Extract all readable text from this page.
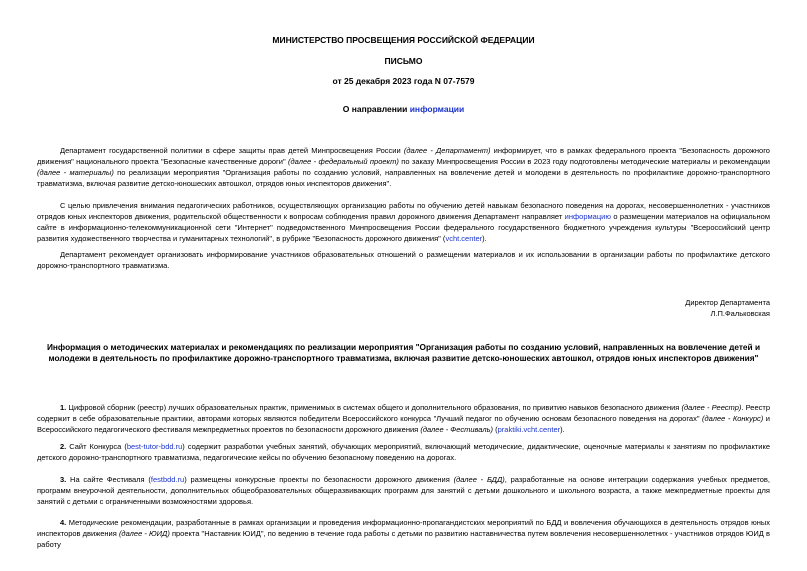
МИНИСТЕРСТВО ПРОСВЕЩЕНИЯ РОССИЙСКОЙ ФЕДЕРАЦИИ
ПИСЬМО
от 25 декабря 2023 года N 07-7579
О направлении информации
Департамент государственной политики в сфере защиты прав детей Минпросвещения России (далее - Департамент) информирует, что в рамках федерального проекта "Безопасность дорожного движения" национального проекта "Безопасные качественные дороги" (далее - федеральный проект) по заказу Минпросвещения России в 2023 году подготовлены методические материалы и рекомендации (далее - материалы) по реализации мероприятия "Организация работы по созданию условий, направленных на вовлечение детей и молодежи в деятельность по профилактике дорожно-транспортного травматизма, включая развитие детско-юношеских автошкол, отрядов юных инспекторов движения".
С целью привлечения внимания педагогических работников, осуществляющих организацию работы по обучению детей навыкам безопасного поведения на дорогах, несовершеннолетних - участников отрядов юных инспекторов движения, родительской общественности к вопросам соблюдения правил дорожного движения Департамент направляет информацию о размещении материалов на официальном сайте в информационно-телекоммуникационной сети "Интернет" подведомственного Минпросвещения России федерального государственного бюджетного учреждения культуры "Всероссийский центр развития художественного творчества и гуманитарных технологий", в рубрике "Безопасность дорожного движения" (vcht.center).
Департамент рекомендует организовать информирование участников образовательных отношений о размещении материалов и их использовании в организации работы по профилактике детского дорожно-транспортного травматизма.
Директор Департамента
Л.П.Фальковская
Информация о методических материалах и рекомендациях по реализации мероприятия "Организация работы по созданию условий, направленных на вовлечение детей и молодежи в деятельность по профилактике дорожно-транспортного травматизма, включая развитие детско-юношеских автошкол, отрядов юных инспекторов движения"
1. Цифровой сборник (реестр) лучших образовательных практик, применимых в системах общего и дополнительного образования, по привитию навыков безопасного движения (далее - Реестр). Реестр содержит в себе образовательные практики, авторами которых являются победители Всероссийского конкурса "Лучший педагог по обучению основам безопасного поведения на дорогах" (далее - Конкурс) и Всероссийского педагогического фестиваля межпредметных проектов по безопасности дорожного движения (далее - Фестиваль) (praktiki.vcht.center).
2. Сайт Конкурса (best-tutor-bdd.ru) содержит разработки учебных занятий, обучающих мероприятий, включающий методические, дидактические, оценочные материалы к занятиям по профилактике детского дорожно-транспортного травматизма, педагогические кейсы по обучению безопасному поведению на дорогах.
3. На сайте Фестиваля (festbdd.ru) размещены конкурсные проекты по безопасности дорожного движения (далее - БДД), разработанные на основе интеграции содержания учебных предметов, программ внеурочной деятельности, дополнительных общеобразовательных общеразвивающих программ для занятий с детьми дошкольного и школьного возраста, а также межпредметные проекты для занятий с детьми с ограниченными возможностями здоровья.
4. Методические рекомендации, разработанные в рамках организации и проведения информационно-пропагандистских мероприятий по БДД и вовлечения обучающихся в деятельность отрядов юных инспекторов движения (далее - ЮИД) проекта "Наставник ЮИД", по ведению в течение года работы с детьми по развитию наставничества путем вовлечения несовершеннолетних - участников отрядов ЮИД в работу
